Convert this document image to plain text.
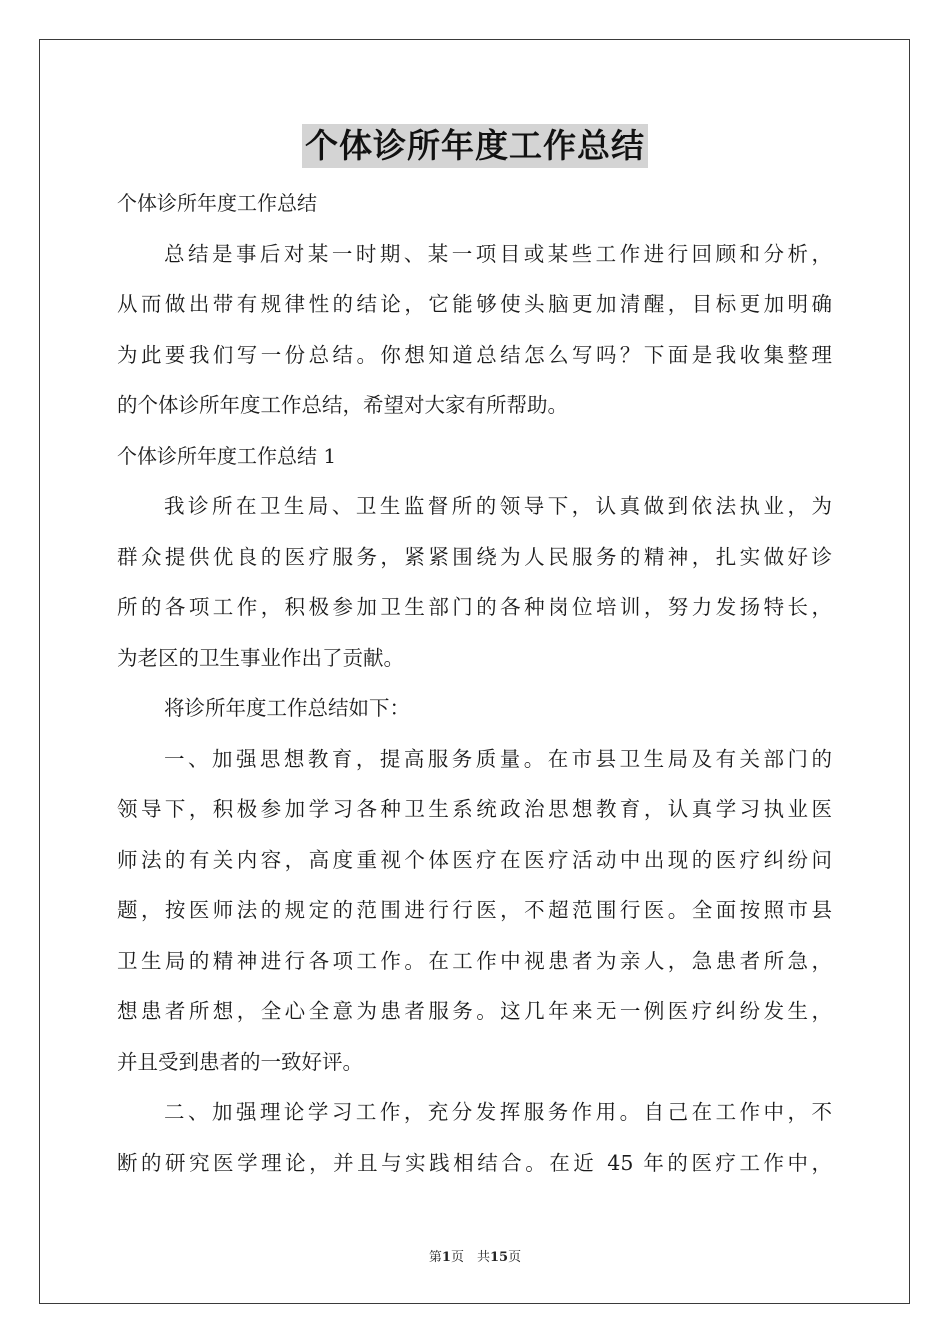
个体诊所年度工作总结
个体诊所年度工作总结
总结是事后对某一时期、某一项目或某些工作进行回顾和分析，
从而做出带有规律性的结论，它能够使头脑更加清醒，目标更加明确
为此要我们写一份总结。你想知道总结怎么写吗？下面是我收集整理
的个体诊所年度工作总结，希望对大家有所帮助。
个体诊所年度工作总结 1
我诊所在卫生局、卫生监督所的领导下，认真做到依法执业，为
群众提供优良的医疗服务，紧紧围绕为人民服务的精神，扎实做好诊
所的各项工作，积极参加卫生部门的各种岗位培训，努力发扬特长，
为老区的卫生事业作出了贡献。
将诊所年度工作总结如下：
一、加强思想教育，提高服务质量。在市县卫生局及有关部门的
领导下，积极参加学习各种卫生系统政治思想教育，认真学习执业医
师法的有关内容，高度重视个体医疗在医疗活动中出现的医疗纠纷问
题，按医师法的规定的范围进行行医，不超范围行医。全面按照市县
卫生局的精神进行各项工作。在工作中视患者为亲人，急患者所急，
想患者所想，全心全意为患者服务。这几年来无一例医疗纠纷发生，
并且受到患者的一致好评。
二、加强理论学习工作，充分发挥服务作用。自己在工作中，不
断的研究医学理论，并且与实践相结合。在近 45 年的医疗工作中，
第1页　共15页
